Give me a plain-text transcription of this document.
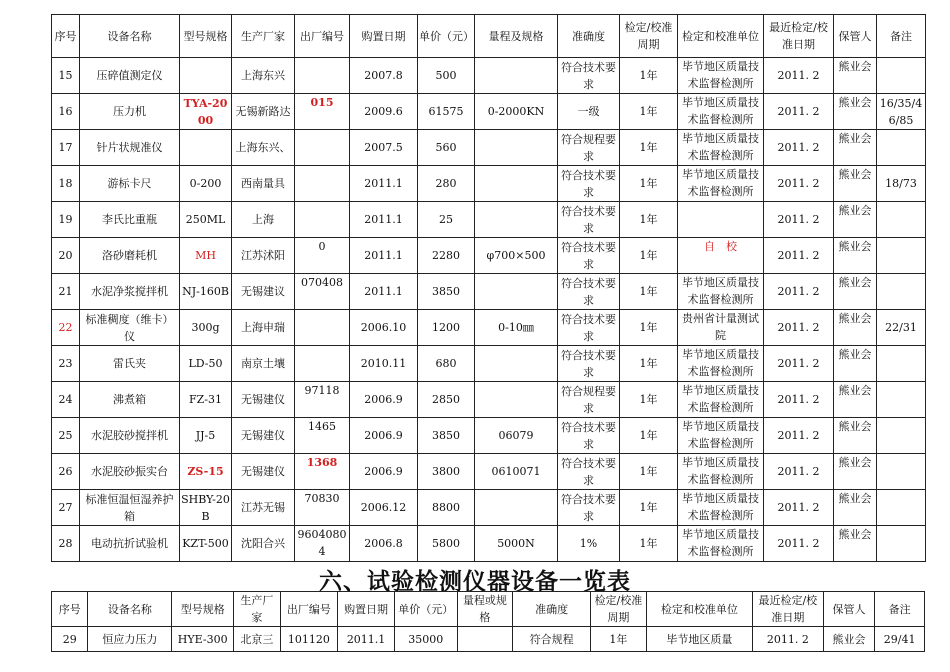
序号	设备名称	型号规格	生产厂家	出厂编号	购置日期	单价（元）	量程及规格	准确度	检定/校准周期	检定和校准单位	最近检定/校准日期	保管人	备注
15	压碎值测定仪		上海东兴		2007.8	500		符合技术要求	1年	毕节地区质量技术监督检测所	2011. 2	熊业会	
16	压力机	TYA-2000	无锡新路达	015	2009.6	61575	0-2000KN	一级	1年	毕节地区质量技术监督检测所	2011. 2	熊业会	16/35/46/85
17	针片状规准仪		上海东兴、		2007.5	560		符合规程要求	1年	毕节地区质量技术监督检测所	2011. 2	熊业会	
18	游标卡尺	0-200	西南量具		2011.1	280		符合技术要求	1年	毕节地区质量技术监督检测所	2011. 2	熊业会	18/73
19	李氏比重瓶	250ML	上海		2011.1	25		符合技术要求	1年		2011. 2	熊业会	
20	洛砂磨耗机	MH	江苏沭阳	0	2011.1	2280	φ700×500	符合技术要求	1年	自　校	2011. 2	熊业会	
21	水泥净浆搅拌机	NJ-160B	无锡建议	070408	2011.1	3850		符合技术要求	1年	毕节地区质量技术监督检测所	2011. 2	熊业会	
22	标准稠度（维卡）仪	300g	上海申瑞		2006.10	1200	0-10㎜	符合技术要求	1年	贵州省计量测试院	2011. 2	熊业会	22/31
23	雷氏夹	LD-50	南京土壤		2010.11	680		符合技术要求	1年	毕节地区质量技术监督检测所	2011. 2	熊业会	
24	沸煮箱	FZ-31	无锡建仪	97118	2006.9	2850		符合规程要求	1年	毕节地区质量技术监督检测所	2011. 2	熊业会	
25	水泥胶砂搅拌机	JJ-5	无锡建仪	1465	2006.9	3850	06079	符合技术要求	1年	毕节地区质量技术监督检测所	2011. 2	熊业会	
26	水泥胶砂振实台	ZS-15	无锡建仪	1368	2006.9	3800	0610071	符合技术要求	1年	毕节地区质量技术监督检测所	2011. 2	熊业会	
27	标准恒温恒湿养护箱	SHBY-20B	江苏无锡	70830	2006.12	8800		符合技术要求	1年	毕节地区质量技术监督检测所	2011. 2	熊业会	
28	电动抗折试验机	KZT-500	沈阳合兴	96040804	2006.8	5800	5000N	1%	1年	毕节地区质量技术监督检测所	2011. 2	熊业会	
六、试验检测仪器设备一览表
序号	设备名称	型号规格	生产厂家	出厂编号	购置日期	单价（元）	量程或规格	准确度	检定/校准周期	检定和校准单位	最近检定/校准日期	保管人	备注
29	恒应力压力	HYE-300	北京三	101120	2011.1	35000		符合规程	1年	毕节地区质量	2011. 2	熊业会	29/41
